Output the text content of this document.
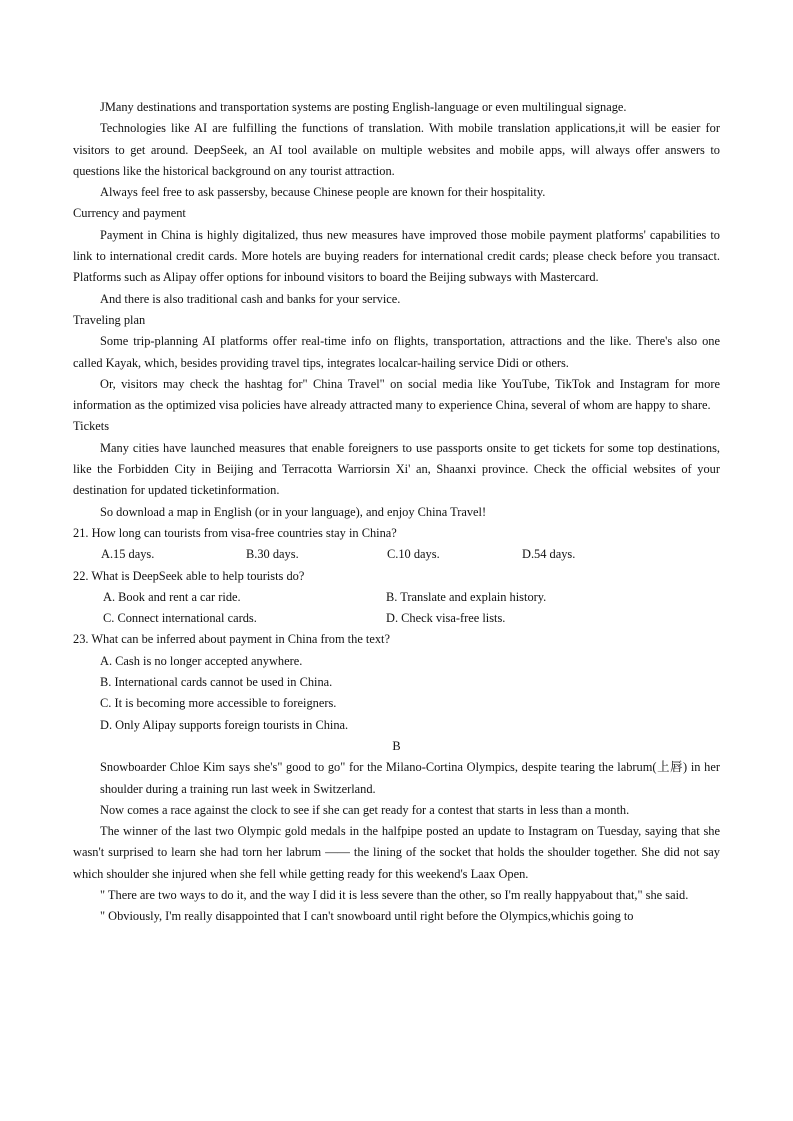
JMany destinations and transportation systems are posting English-language or even multilingual signage.

Technologies like AI are fulfilling the functions of translation. With mobile translation applications,it will be easier for visitors to get around. DeepSeek, an AI tool available on multiple websites and mobile apps, will always offer answers to questions like the historical background on any tourist attraction.

Always feel free to ask passersby, because Chinese people are known for their hospitality.

Currency and payment

Payment in China is highly digitalized, thus new measures have improved those mobile payment platforms' capabilities to link to international credit cards. More hotels are buying readers for international credit cards; please check before you transact. Platforms such as Alipay offer options for inbound visitors to board the Beijing subways with Mastercard.

And there is also traditional cash and banks for your service.

Traveling plan

Some trip-planning AI platforms offer real-time info on flights, transportation, attractions and the like. There's also one called Kayak, which, besides providing travel tips, integrates localcar-hailing service Didi or others.

Or, visitors may check the hashtag for" China Travel" on social media like YouTube, TikTok and Instagram for more information as the optimized visa policies have already attracted many to experience China, several of whom are happy to share.

Tickets

Many cities have launched measures that enable foreigners to use passports onsite to get tickets for some top destinations, like the Forbidden City in Beijing and Terracotta Warriorsin Xi' an, Shaanxi province. Check the official websites of your destination for updated ticketinformation.

So download a map in English (or in your language), and enjoy China Travel!

21. How long can tourists from visa-free countries stay in China?

A.15 days.	B.30 days.	C.10 days.	D.54 days.

22. What is DeepSeek able to help tourists do?

A. Book and rent a car ride.	B. Translate and explain history.
C. Connect international cards.	D. Check visa-free lists.

23. What can be inferred about payment in China from the text?

A. Cash is no longer accepted anywhere.

B. International cards cannot be used in China.

C. It is becoming more accessible to foreigners.

D. Only Alipay supports foreign tourists in China.

B

Snowboarder Chloe Kim says she's" good to go" for the Milano-Cortina Olympics, despite tearing the labrum(上唇) in her shoulder during a training run last week in Switzerland.

Now comes a race against the clock to see if she can get ready for a contest that starts in less than a month.

The winner of the last two Olympic gold medals in the halfpipe posted an update to Instagram on Tuesday, saying that she wasn't surprised to learn she had torn her labrum —— the lining of the socket that holds the shoulder together. She did not say which shoulder she injured when she fell while getting ready for this weekend's Laax Open.

" There are two ways to do it, and the way I did it is less severe than the other, so I'm really happyabout that," she said.

" Obviously, I'm really disappointed that I can't snowboard until right before the Olympics,whichis going to
